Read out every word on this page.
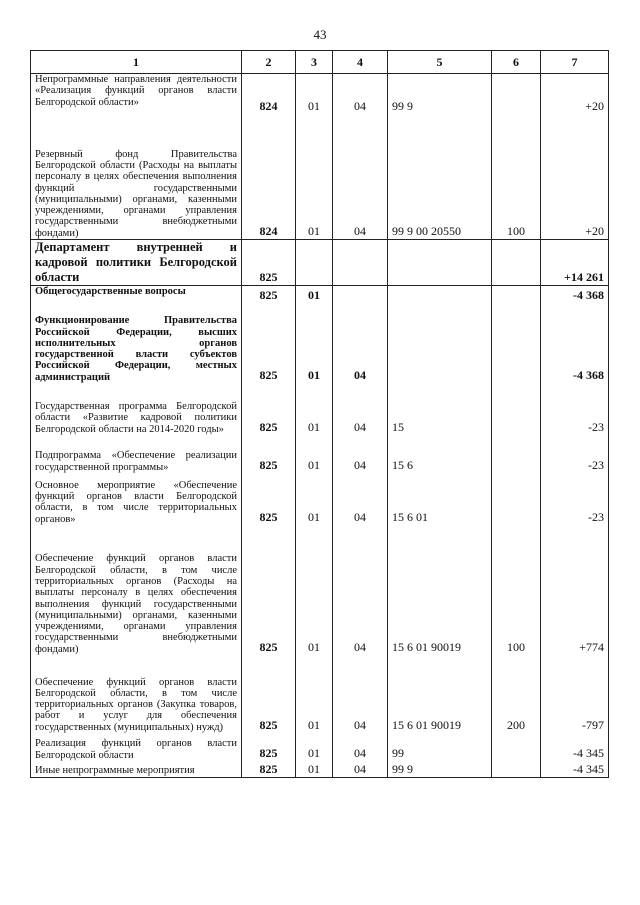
43
1	2	3	4	5	6	7
Непрограммные направления деятельности «Реализация функций органов власти Белгородской области»	824	01	04	99 9		+20
Резервный фонд Правительства Белгородской области (Расходы на выплаты персоналу в целях обеспечения выполнения функций государственными (муниципальными) органами, казенными учреждениями, органами управления государственными внебюджетными фондами)	824	01	04	99 9 00 20550	100	+20
Департамент внутренней и кадровой политики Белгородской области	825					+14 261
Общегосударственные вопросы	825	01				-4 368
Функционирование Правительства Российской Федерации, высших исполнительных органов государственной власти субъектов Российской Федерации, местных администраций	825	01	04			-4 368
Государственная программа Белгородской области «Развитие кадровой политики Белгородской области на 2014-2020 годы»	825	01	04	15		-23
Подпрограмма «Обеспечение реализации государственной программы»	825	01	04	15 6		-23
Основное мероприятие «Обеспечение функций органов власти Белгородской области, в том числе территориальных органов»	825	01	04	15 6 01		-23
Обеспечение функций органов власти Белгородской области, в том числе территориальных органов (Расходы на выплаты персоналу в целях обеспечения выполнения функций государственными (муниципальными) органами, казенными учреждениями, органами управления государственными внебюджетными фондами)	825	01	04	15 6 01 90019	100	+774
Обеспечение функций органов власти Белгородской области, в том числе территориальных органов (Закупка товаров, работ и услуг для обеспечения государственных (муниципальных) нужд)	825	01	04	15 6 01 90019	200	-797
Реализация функций органов власти Белгородской области	825	01	04	99		-4 345
Иные непрограммные мероприятия	825	01	04	99 9		-4 345
